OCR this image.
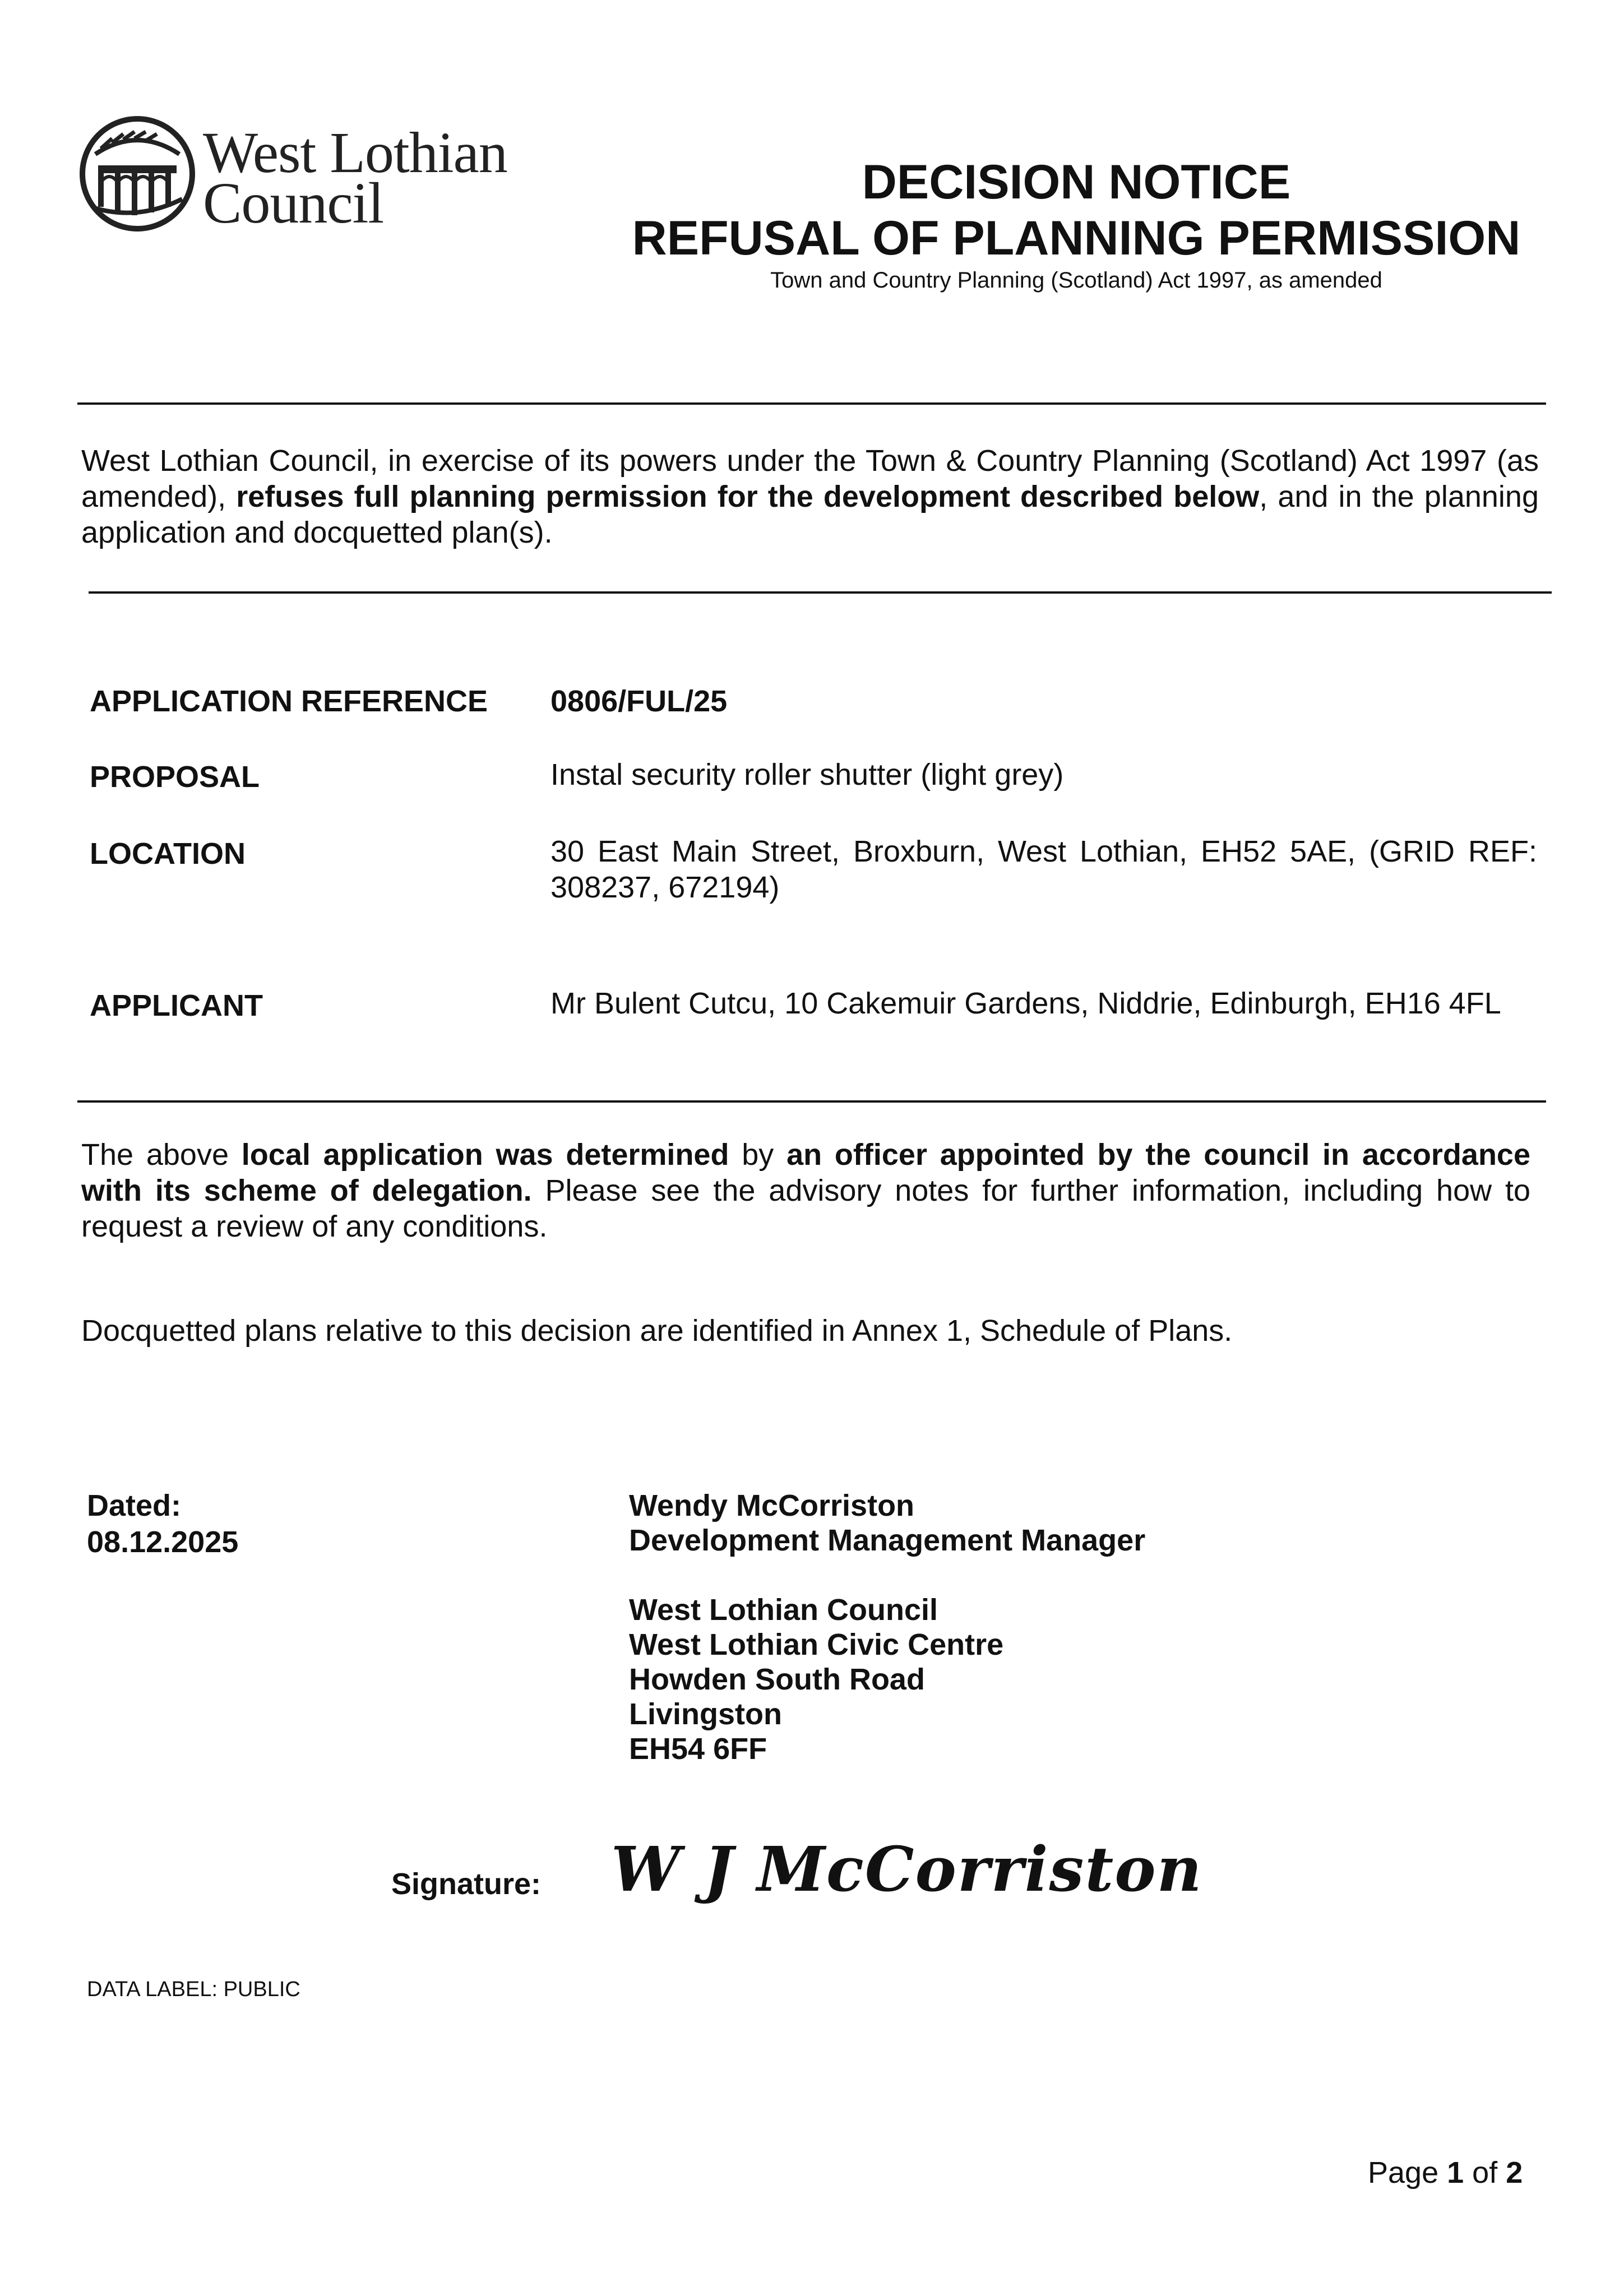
West Lothian
Council	DECISION NOTICE
REFUSAL OF PLANNING PERMISSION
Town and Country Planning (Scotland) Act 1997, as amended
West Lothian Council, in exercise of its powers under the Town & Country Planning (Scotland) Act 1997 (as amended), refuses full planning permission for the development described below, and in the planning application and docquetted plan(s).
APPLICATION REFERENCE 0806/FUL/25
PROPOSAL	Instal security roller shutter (light grey)
LOCATION	30 East Main Street, Broxburn, West Lothian, EH52 5AE, (GRID REF: 308237, 672194)
APPLICANT	Mr Bulent Cutcu, 10 Cakemuir Gardens, Niddrie, Edinburgh, EH16 4FL
The above local application was determined by an officer appointed by the council in accordance with its scheme of delegation. Please see the advisory notes for further information, including how to request a review of any conditions.
Docquetted plans relative to this decision are identified in Annex 1, Schedule of Plans.
Dated:
08.12.2025
Wendy McCorriston
Development Management Manager
West Lothian Council
West Lothian Civic Centre
Howden South Road
Livingston
EH54 6FF
Signature: W J McCorriston
DATA LABEL: PUBLIC
Page 1 of 2
